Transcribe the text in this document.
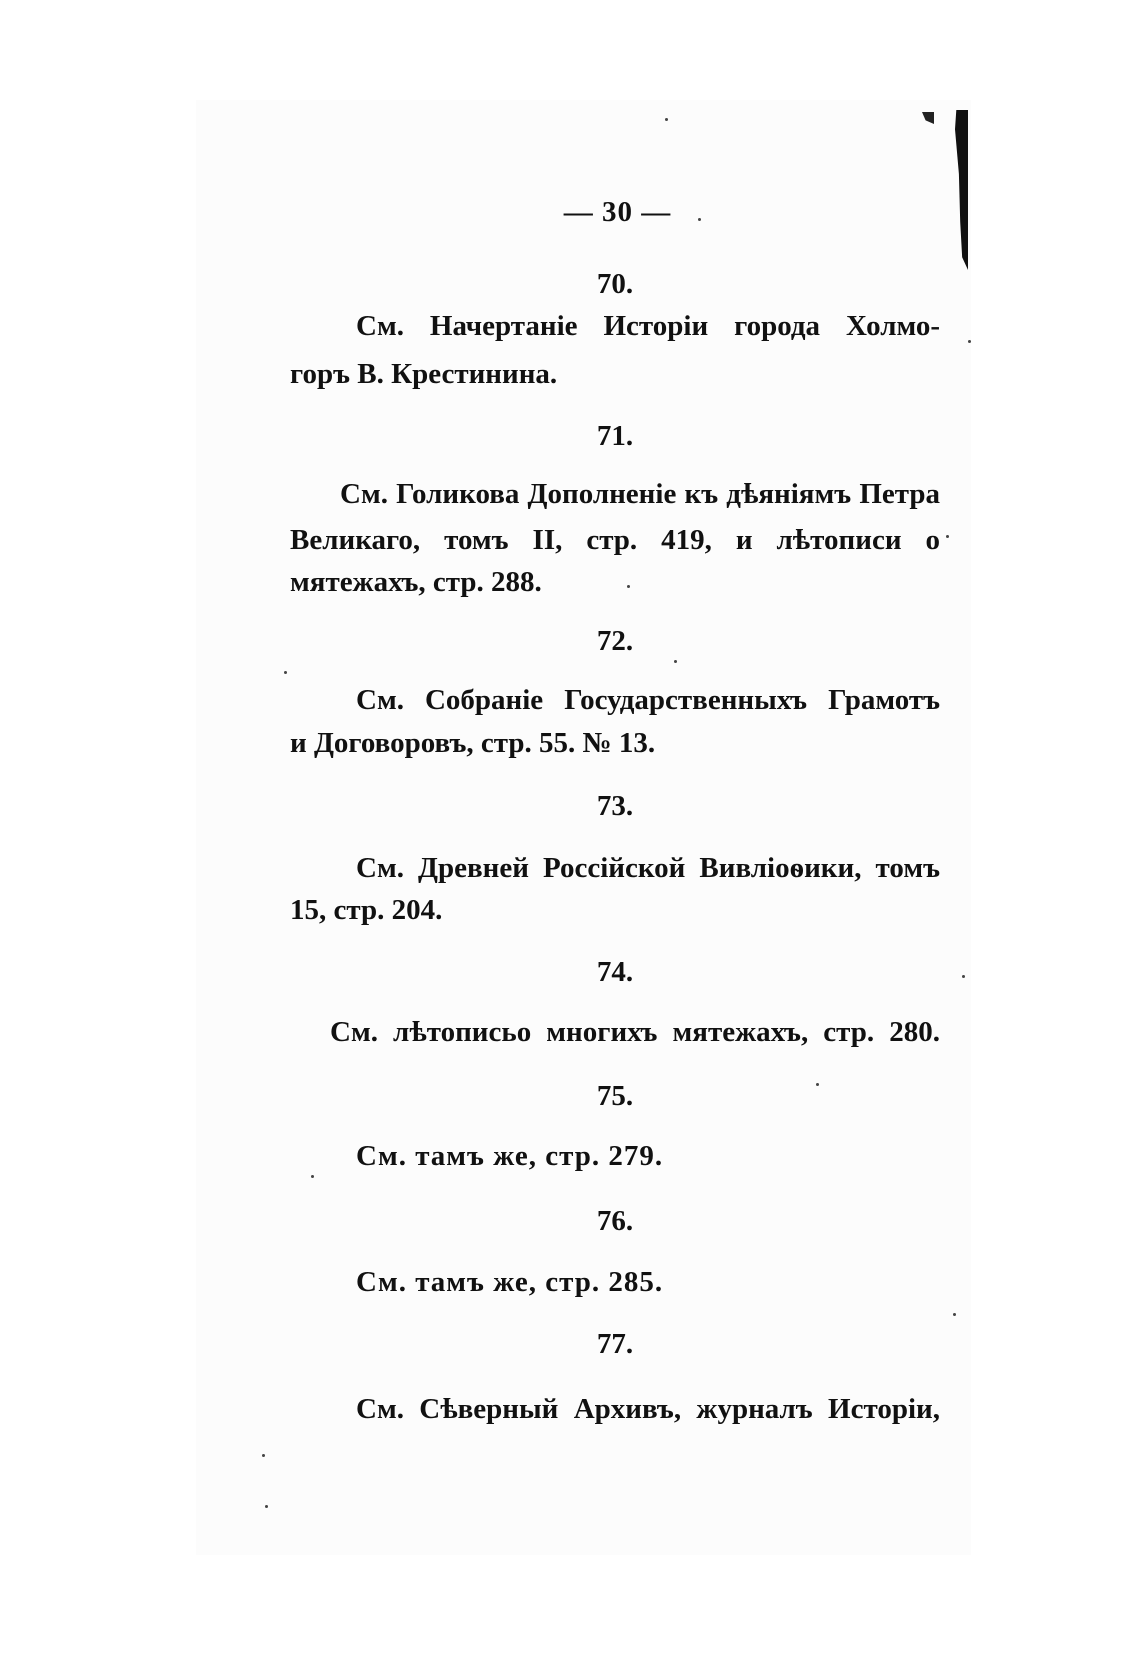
— 30 —
70.
См. Начертаніе Исторіи города Холмо-
горъ В. Крестинина.
71.
См. Голикова Дополненіе къ дѣяніямъ Петра
Великаго, томъ II, стр. 419, и лѣтописи о
мятежахъ, стр. 288.
72.
См. Собраніе Государственныхъ Грамотъ
и Договоровъ, стр. 55. № 13.
73.
См. Древней Россійской Вивліоѳики, томъ
15, стр. 204.
74.
См. лѣтописьо многихъ мятежахъ, стр. 280.
75.
См. тамъ же, стр. 279.
76.
См. тамъ же, стр. 285.
77.
См. Сѣверный Архивъ, журналъ Исторіи,
